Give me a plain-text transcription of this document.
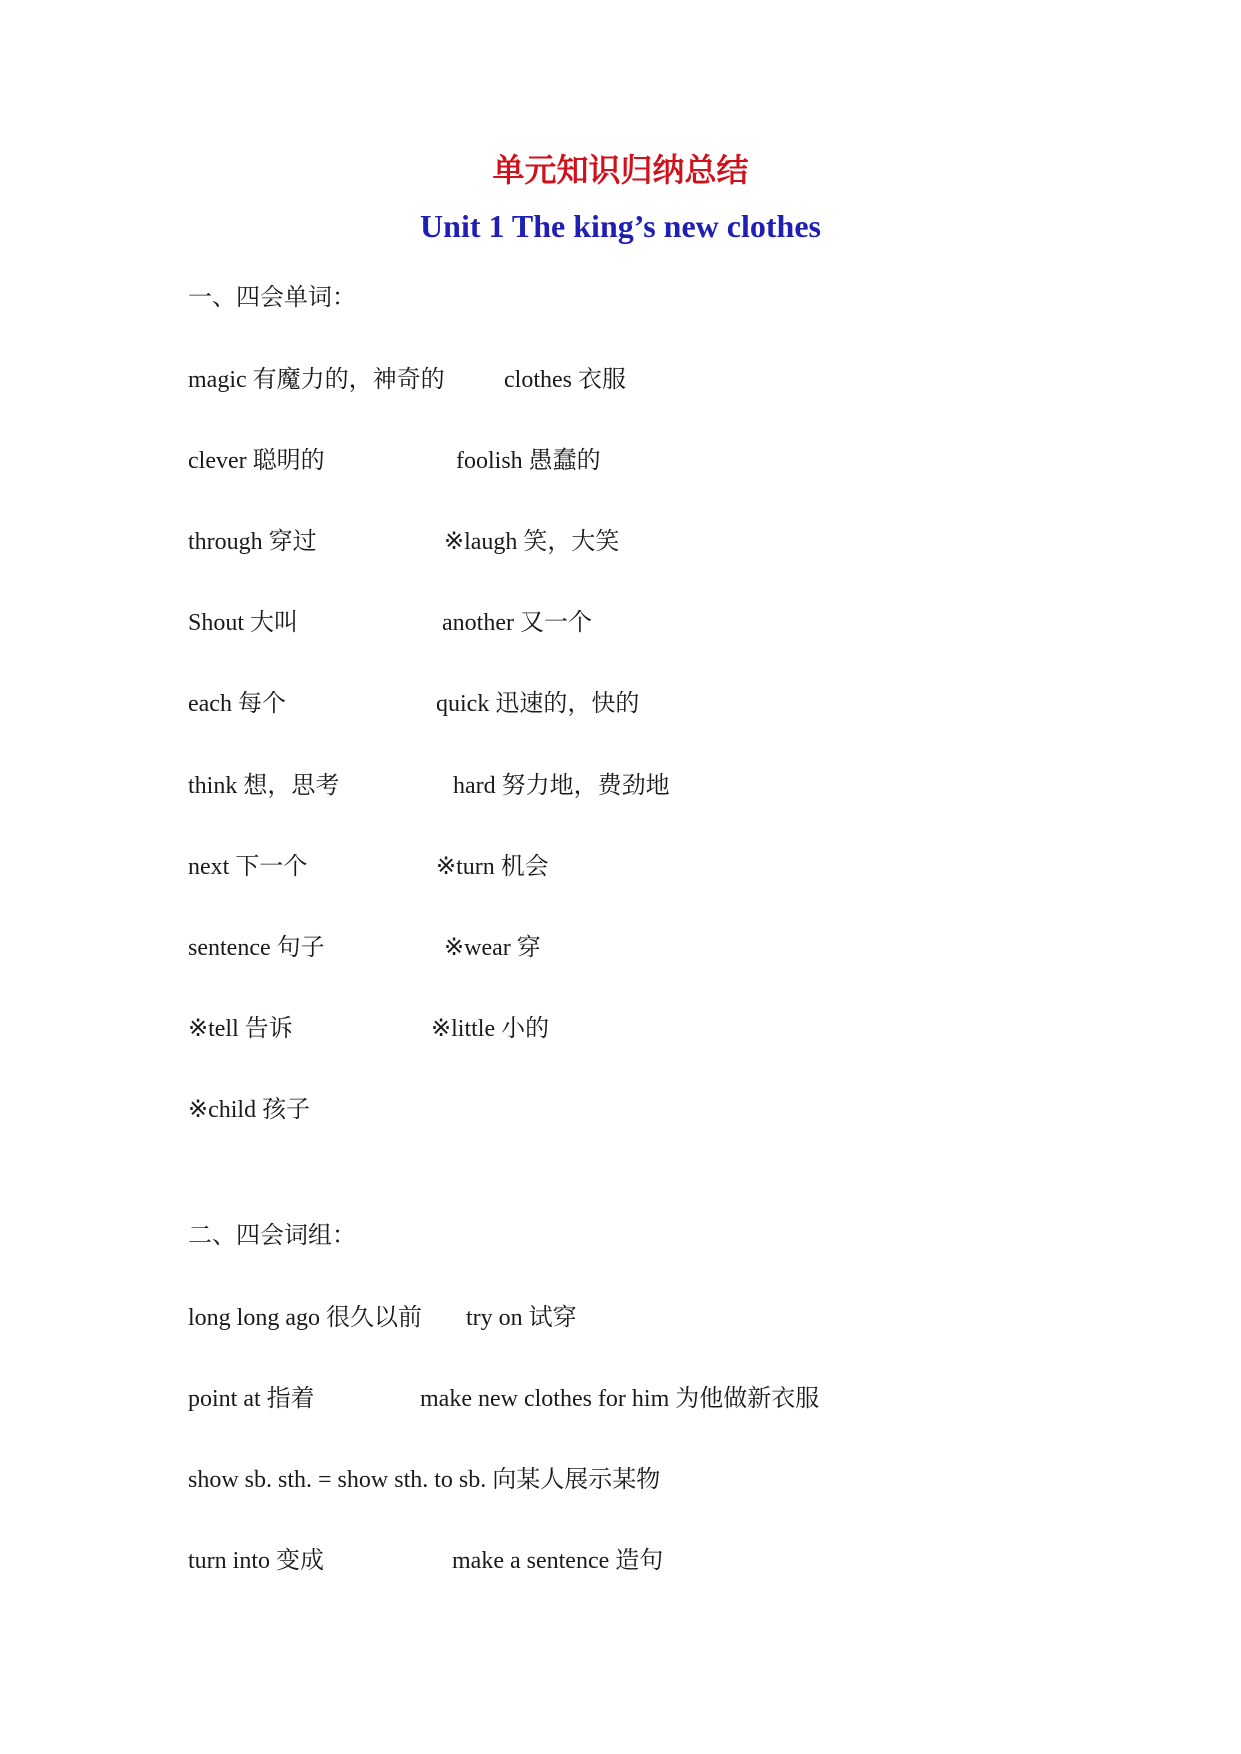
单元知识归纳总结
Unit 1 The king’s new clothes
一、四会单词：
magic 有魔力的，神奇的 clothes 衣服
clever 聪明的	foolish 愚蠢的
through 穿过	※laugh 笑，大笑
Shout 大叫	another 又一个
each 每个	quick 迅速的，快的
think 想，思考	hard 努力地，费劲地
next 下一个	※turn 机会
sentence 句子	※wear 穿
※tell 告诉	※little 小的
※child 孩子
二、四会词组：
long long ago 很久以前 try on 试穿
point at 指着	make new clothes for him 为他做新衣服
show sb. sth. = show sth. to sb. 向某人展示某物
turn into 变成	make a sentence 造句
